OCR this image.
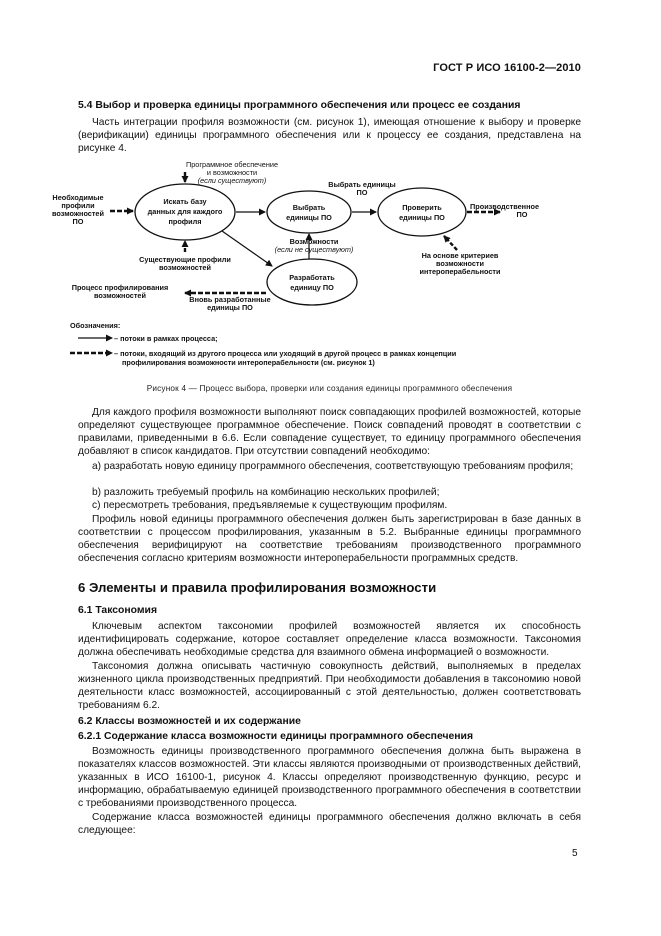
ГОСТ Р ИСО 16100-2—2010
5.4 Выбор и проверка единицы программного обеспечения или процесс ее создания
Часть интеграции профиля возможности (см. рисунок 1), имеющая отношение к выбору и проверке (верификации) единицы программного обеспечения или к процессу ее создания, представлена на рисунке 4.
Программное обеспечение
и возможности
(если существуют)
Необходимые
профили
возможностей
ПО
Искать базу
данных для каждого
профиля
Выбрать единицы
ПО
Выбрать
единицы ПО
Проверить
единицы ПО
Производственное
ПО
Возможности
(если не существуют)
Существующие профили
возможностей
На основе критериев
возможности
интероперабельности
Разработать
единицу ПО
Процесс профилирования
возможностей	Вновь разработанные
единицы ПО
Обозначения:
– потоки в рамках процесса;
– потоки, входящий из другого процесса или уходящий в другой процесс в рамках концепции
профилирования возможности интероперабельности (см. рисунок 1)
Рисунок 4 — Процесс выбора, проверки или создания единицы программного обеспечения
Для каждого профиля возможности выполняют поиск совпадающих профилей возможностей, которые определяют существующее программное обеспечение. Поиск совпадений проводят в соответствии с правилами, приведенными в 6.6. Если совпадение существует, то единицу программного обеспечения добавляют в список кандидатов. При отсутствии совпадений необходимо:
а) разработать новую единицу программного обеспечения, соответствующую требованиям профиля;
b) разложить требуемый профиль на комбинацию нескольких профилей;
с) пересмотреть требования, предъявляемые к существующим профилям.
Профиль новой единицы программного обеспечения должен быть зарегистрирован в базе данных в соответствии с процессом профилирования, указанным в 5.2. Выбранные единицы программного обеспечения верифицируют на соответствие требованиям производственного программного обеспечения согласно критериям возможности интероперабельности программных средств.
6 Элементы и правила профилирования возможности
6.1 Таксономия
Ключевым аспектом таксономии профилей возможностей является их способность идентифицировать содержание, которое составляет определение класса возможности. Таксономия должна обеспечивать необходимые средства для взаимного обмена информацией о возможности.
Таксономия должна описывать частичную совокупность действий, выполняемых в пределах жизненного цикла производственных предприятий. При необходимости добавления в таксономию новой деятельности класс возможностей, ассоциированный с этой деятельностью, должен соответствовать требованиям 6.2.
6.2 Классы возможностей и их содержание
6.2.1 Содержание класса возможности единицы программного обеспечения
Возможность единицы производственного программного обеспечения должна быть выражена в показателях классов возможностей. Эти классы являются производными от производственных действий, указанных в ИСО 16100-1, рисунок 4. Классы определяют производственную функцию, ресурс и информацию, обрабатываемую единицей производственного программного обеспечения в соответствии с требованиями производственного процесса.
Содержание класса возможностей единицы программного обеспечения должно включать в себя следующее:
5
